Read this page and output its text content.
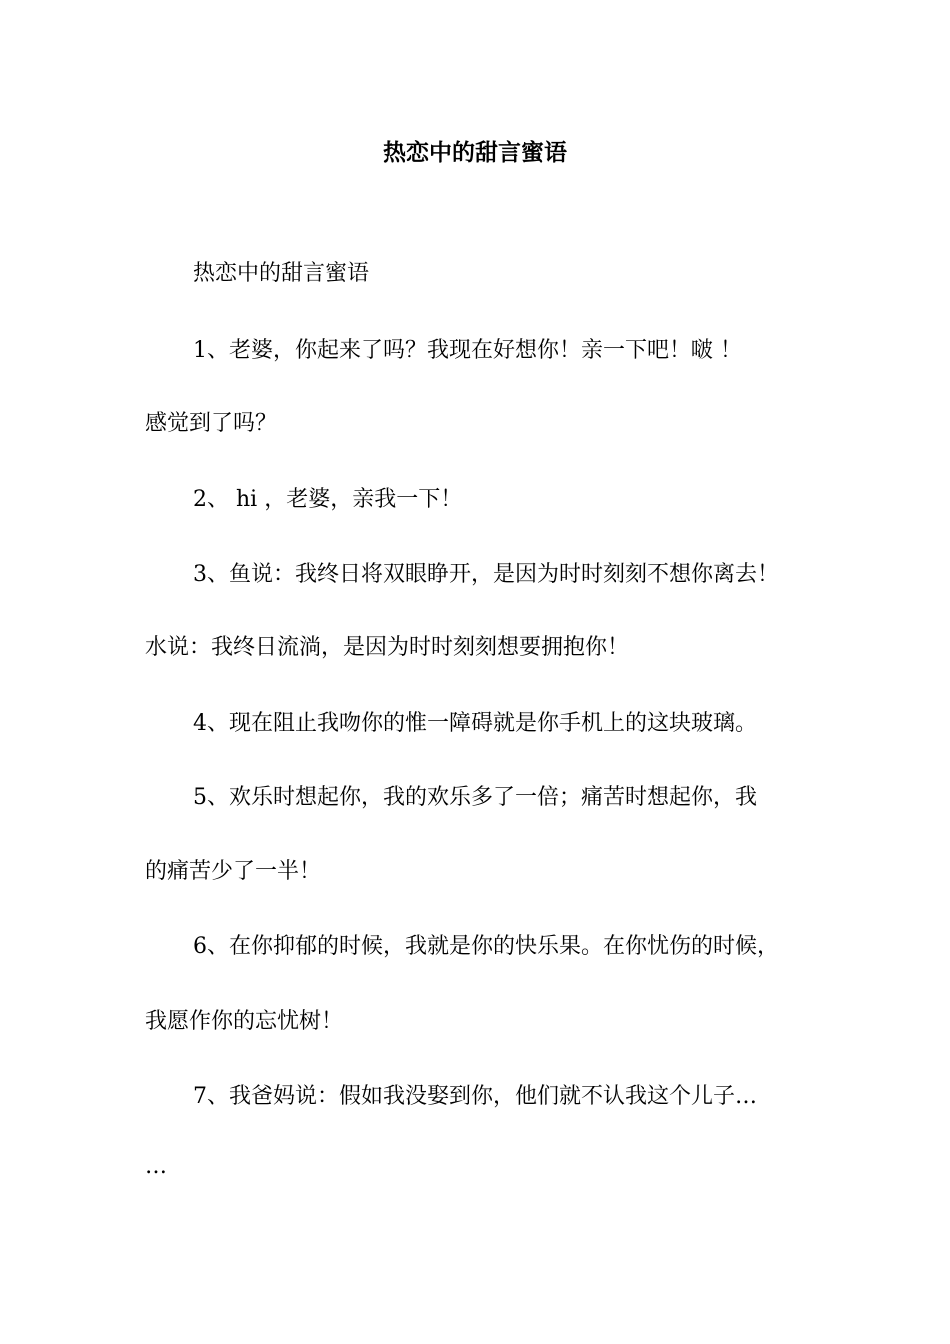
热恋中的甜言蜜语
热恋中的甜言蜜语
1、老婆，你起来了吗？我现在好想你！亲一下吧！啵 ！
感觉到了吗？
2、 hi ，老婆，亲我一下！
3、鱼说：我终日将双眼睁开，是因为时时刻刻不想你离去！
水说：我终日流淌，是因为时时刻刻想要拥抱你！
4、现在阻止我吻你的惟一障碍就是你手机上的这块玻璃。
5、欢乐时想起你，我的欢乐多了一倍；痛苦时想起你，我
的痛苦少了一半！
6、在你抑郁的时候，我就是你的快乐果。在你忧伤的时候，
我愿作你的忘忧树！
7、我爸妈说：假如我没娶到你，他们就不认我这个儿子…
…
